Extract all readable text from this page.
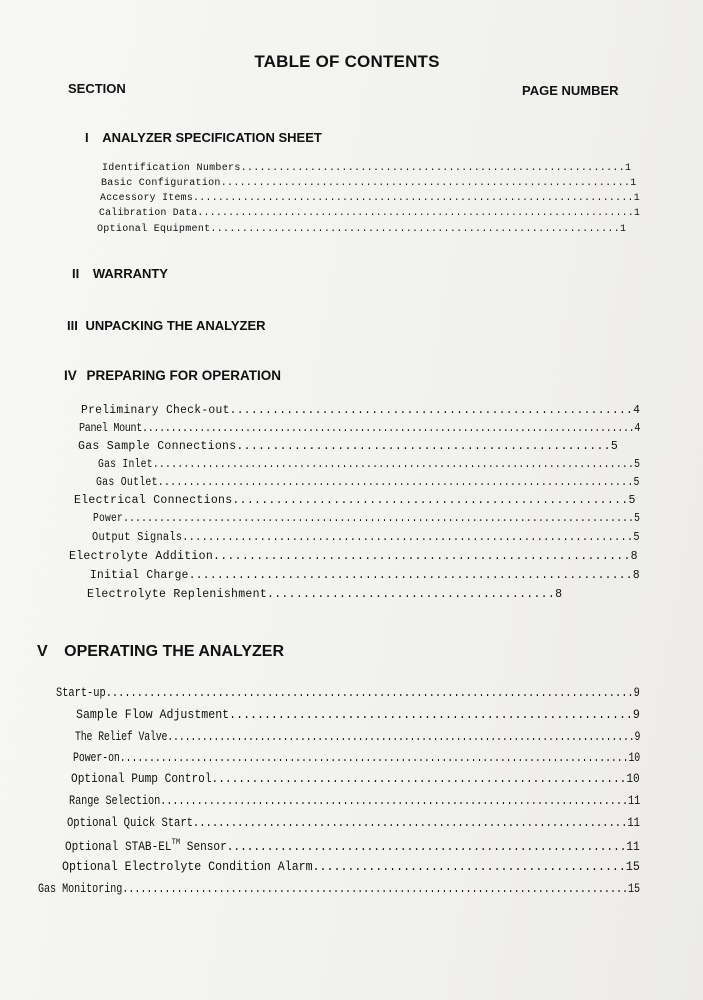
TABLE OF CONTENTS
SECTION	PAGE NUMBER
I ANALYZER SPECIFICATION SHEET
Identification Numbers.............................................................1
Basic Configuration.................................................................1
Accessory Items.......................................................................1
Calibration Data.......................................................................1
Optional Equipment.................................................................1
II WARRANTY
III UNPACKING THE ANALYZER
IV PREPARING FOR OPERATION
Preliminary Check-out.........................................................4
Panel Mount......................................................................................4
Gas Sample Connections....................................................5
Gas Inlet...............................................................................5
Gas Outlet.............................................................................5
Electrical Connections.......................................................5
Power.....................................................................................5
Output Signals......................................................................5
Electrolyte Addition..........................................................8
Initial Charge...............................................................8
Electrolyte Replenishment........................................8
V OPERATING THE ANALYZER
Start-up.....................................................................................9
Sample Flow Adjustment..........................................................9
The Relief Valve.................................................................................9
Power-on.......................................................................................10
Optional Pump Control..............................................................10
Range Selection.............................................................................11
Optional Quick Start.....................................................................11
Optional STAB-EL™ Sensor............................................................11
Optional Electrolyte Condition Alarm.............................................15
Gas Monitoring....................................................................................15
